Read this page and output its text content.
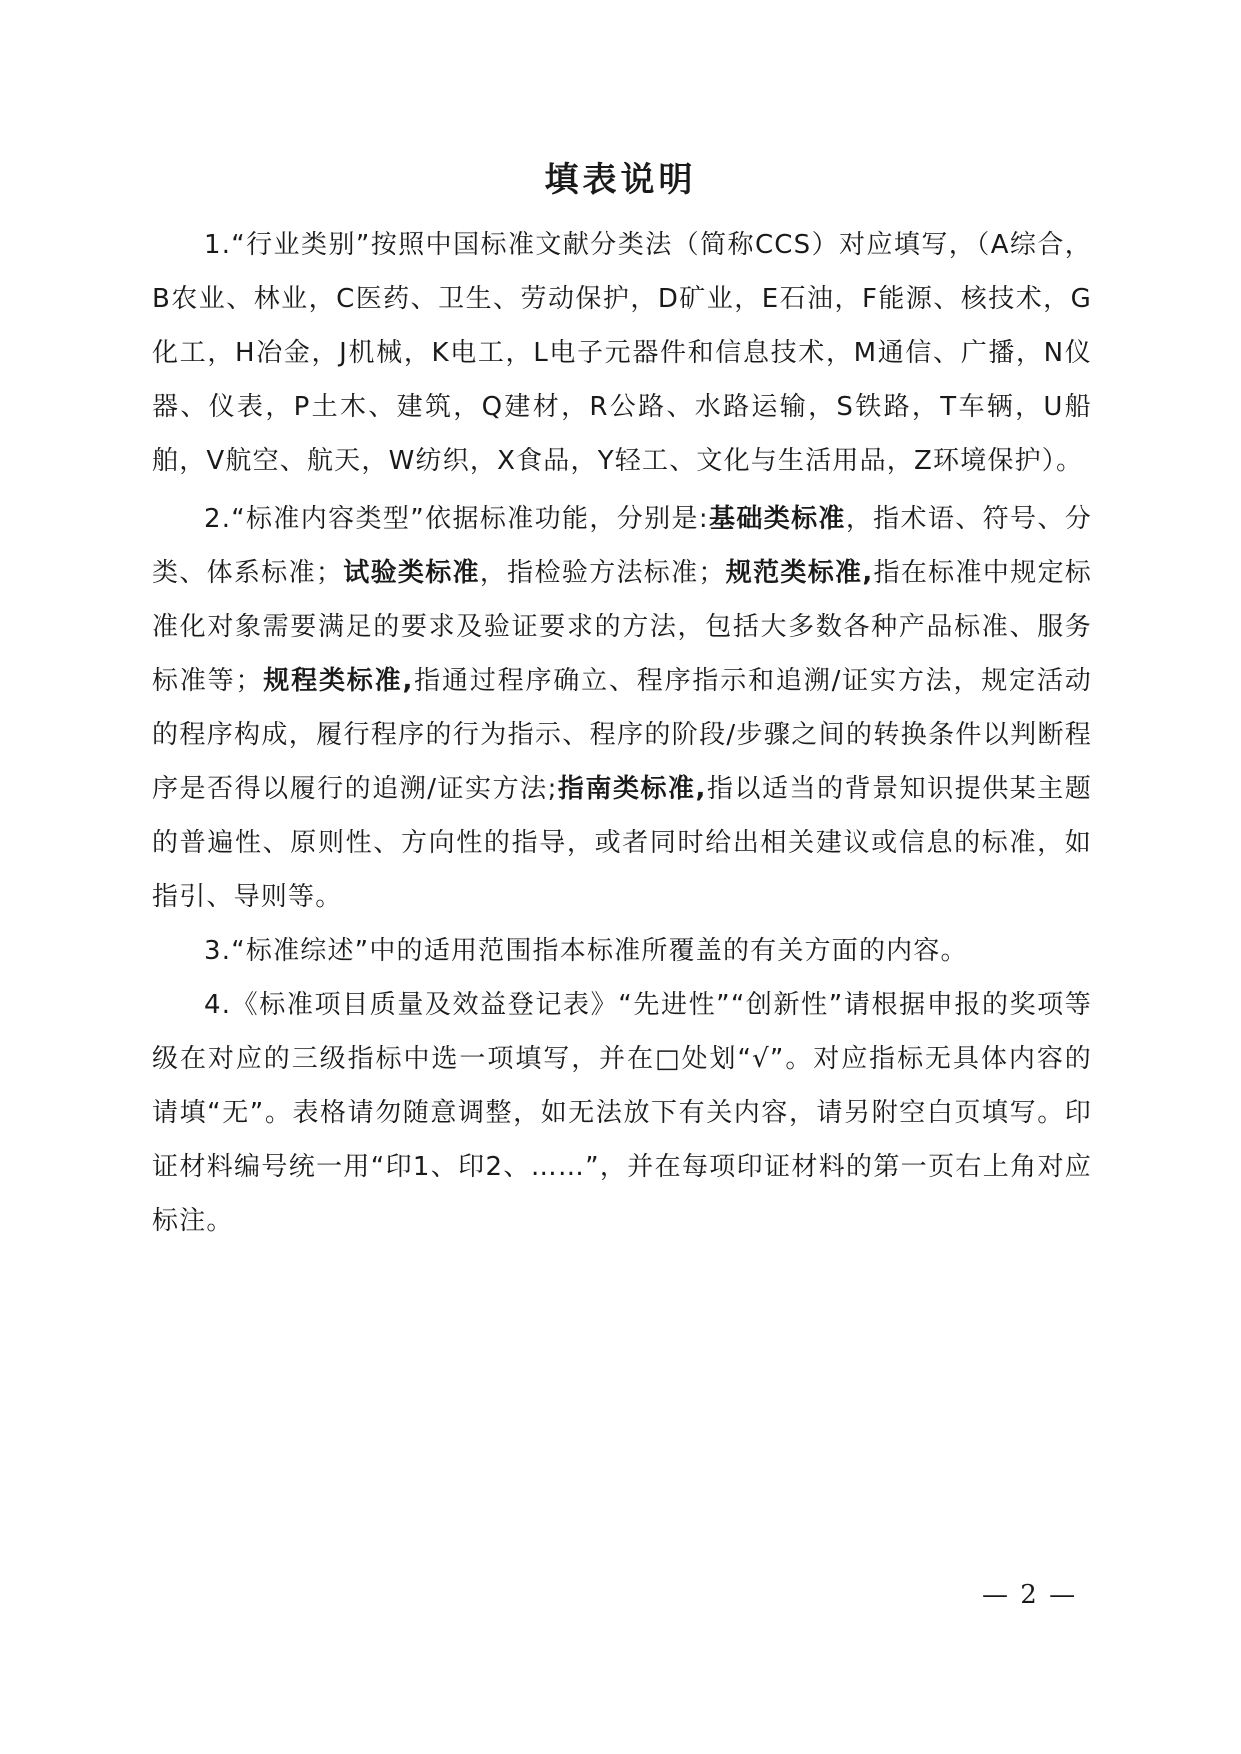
填表说明

1.“行业类别”按照中国标准文献分类法（简称CCS）对应填写，（A综合，B农业、林业，C医药、卫生、劳动保护，D矿业，E石油，F能源、核技术，G化工，H冶金，J机械，K电工，L电子元器件和信息技术，M通信、广播，N仪器、仪表，P土木、建筑，Q建材，R公路、水路运输，S铁路，T车辆，U船舶，V航空、航天，W纺织，X食品，Y轻工、文化与生活用品，Z环境保护）。

2.“标准内容类型”依据标准功能，分别是:基础类标准，指术语、符号、分类、体系标准；试验类标准，指检验方法标准；规范类标准,指在标准中规定标准化对象需要满足的要求及验证要求的方法，包括大多数各种产品标准、服务标准等；规程类标准,指通过程序确立、程序指示和追溯/证实方法，规定活动的程序构成，履行程序的行为指示、程序的阶段/步骤之间的转换条件以判断程序是否得以履行的追溯/证实方法;指南类标准,指以适当的背景知识提供某主题的普遍性、原则性、方向性的指导，或者同时给出相关建议或信息的标准，如指引、导则等。

3.“标准综述”中的适用范围指本标准所覆盖的有关方面的内容。

4.《标准项目质量及效益登记表》“先进性”“创新性”请根据申报的奖项等级在对应的三级指标中选一项填写，并在□处划“√”。对应指标无具体内容的请填“无”。表格请勿随意调整，如无法放下有关内容，请另附空白页填写。印证材料编号统一用“印1、印2、……”，并在每项印证材料的第一页右上角对应标注。

— 2 —
